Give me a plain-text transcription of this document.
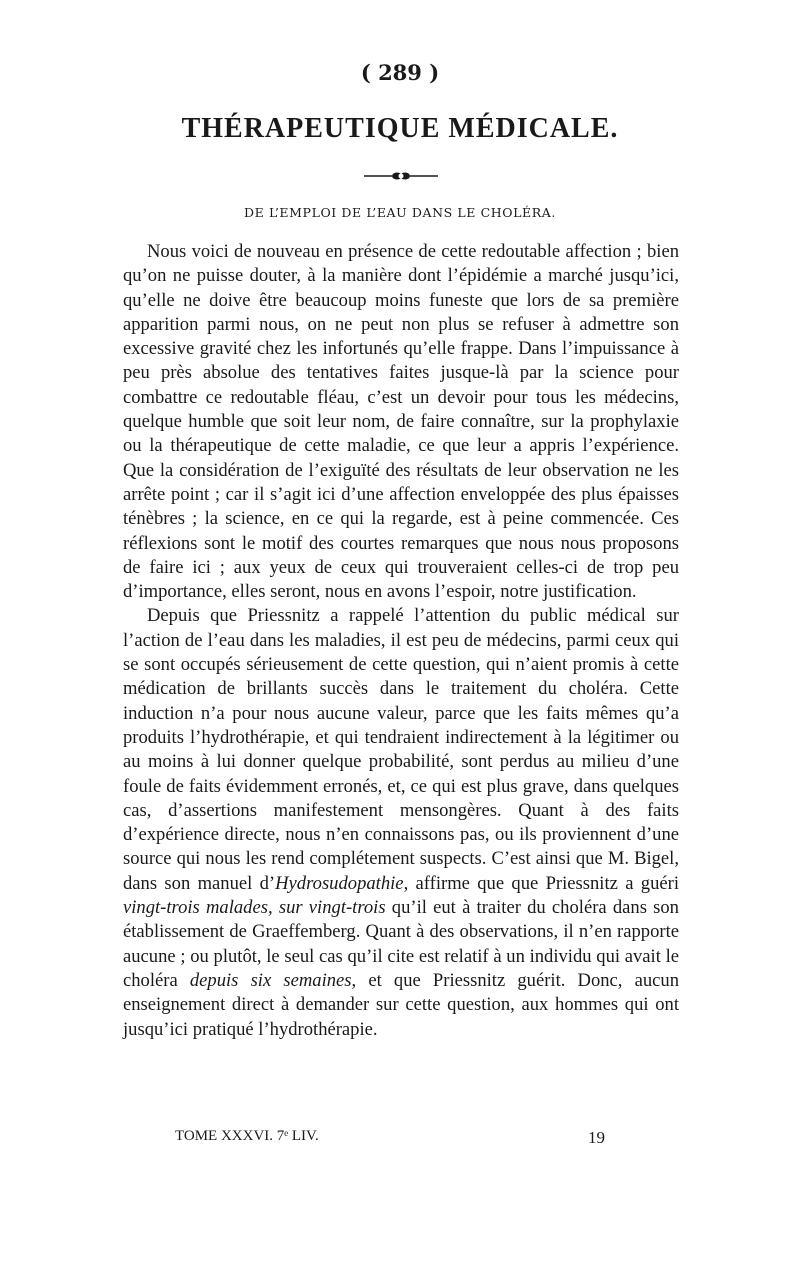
( 289 )
THÉRAPEUTIQUE MÉDICALE.
DE L’EMPLOI DE L’EAU DANS LE CHOLÉRA.

Nous voici de nouveau en présence de cette redoutable affection ; bien qu’on ne puisse douter, à la manière dont l’épidémie a marché jusqu’ici, qu’elle ne doive être beaucoup moins funeste que lors de sa première apparition parmi nous, on ne peut non plus se refuser à admettre son excessive gravité chez les infortunés qu’elle frappe. Dans l’impuissance à peu près absolue des tentatives faites jusque-là par la science pour combattre ce redoutable fléau, c’est un devoir pour tous les médecins, quelque humble que soit leur nom, de faire connaître, sur la prophylaxie ou la thérapeutique de cette maladie, ce que leur a appris l’expérience. Que la considération de l’exiguïté des résultats de leur observation ne les arrête point ; car il s’agit ici d’une affection enveloppée des plus épaisses ténèbres ; la science, en ce qui la regarde, est à peine commencée. Ces réflexions sont le motif des courtes remarques que nous nous proposons de faire ici ; aux yeux de ceux qui trouveraient celles-ci de trop peu d’importance, elles seront, nous en avons l’espoir, notre justification.

Depuis que Priessnitz a rappelé l’attention du public médical sur l’action de l’eau dans les maladies, il est peu de médecins, parmi ceux qui se sont occupés sérieusement de cette question, qui n’aient promis à cette médication de brillants succès dans le traitement du choléra. Cette induction n’a pour nous aucune valeur, parce que les faits mêmes qu’a produits l’hydrothérapie, et qui tendraient indirectement à la légitimer ou au moins à lui donner quelque probabilité, sont perdus au milieu d’une foule de faits évidemment erronés, et, ce qui est plus grave, dans quelques cas, d’assertions manifestement mensongères. Quant à des faits d’expérience directe, nous n’en connaissons pas, ou ils proviennent d’une source qui nous les rend complétement suspects. C’est ainsi que M. Bigel, dans son manuel d’Hydrosudopathie, affirme que que Priessnitz a guéri vingt-trois malades, sur vingt-trois qu’il eut à traiter du choléra dans son établissement de Graeffemberg. Quant à des observations, il n’en rapporte aucune ; ou plutôt, le seul cas qu’il cite est relatif à un individu qui avait le choléra depuis six semaines, et que Priessnitz guérit. Donc, aucun enseignement direct à demander sur cette question, aux hommes qui ont jusqu’ici pratiqué l’hydrothérapie.

TOME XXXVI. 7ᵉ LIV.	19
